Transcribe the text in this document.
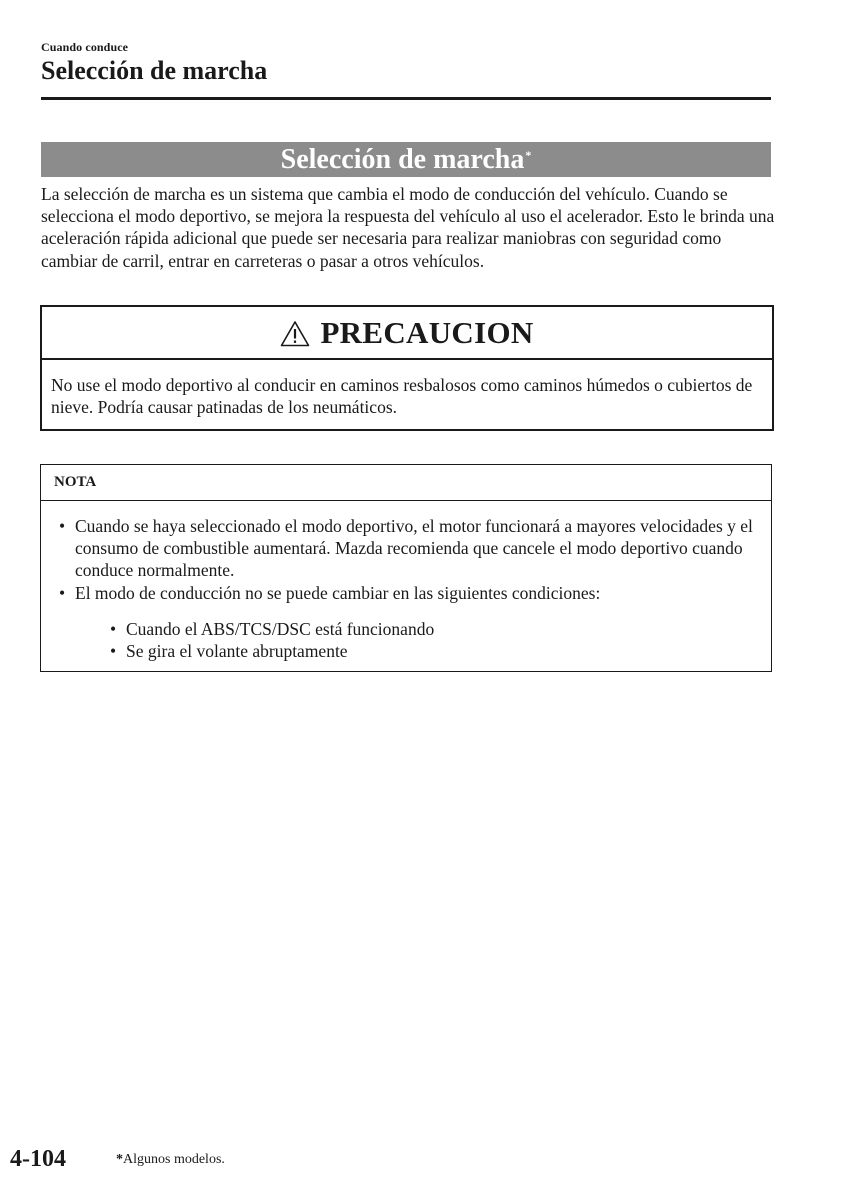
Cuando conduce
Selección de marcha
Selección de marcha*

La selección de marcha es un sistema que cambia el modo de conducción del vehículo. Cuando se selecciona el modo deportivo, se mejora la respuesta del vehículo al uso el acelerador. Esto le brinda una aceleración rápida adicional que puede ser necesaria para realizar maniobras con seguridad como cambiar de carril, entrar en carreteras o pasar a otros vehículos.

PRECAUCION

No use el modo deportivo al conducir en caminos resbalosos como caminos húmedos o cubiertos de nieve. Podría causar patinadas de los neumáticos.

NOTA
• Cuando se haya seleccionado el modo deportivo, el motor funcionará a mayores velocidades y el consumo de combustible aumentará. Mazda recomienda que cancele el modo deportivo cuando conduce normalmente.
• El modo de conducción no se puede cambiar en las siguientes condiciones:
• Cuando el ABS/TCS/DSC está funcionando
• Se gira el volante abruptamente
4-104	*Algunos modelos.
